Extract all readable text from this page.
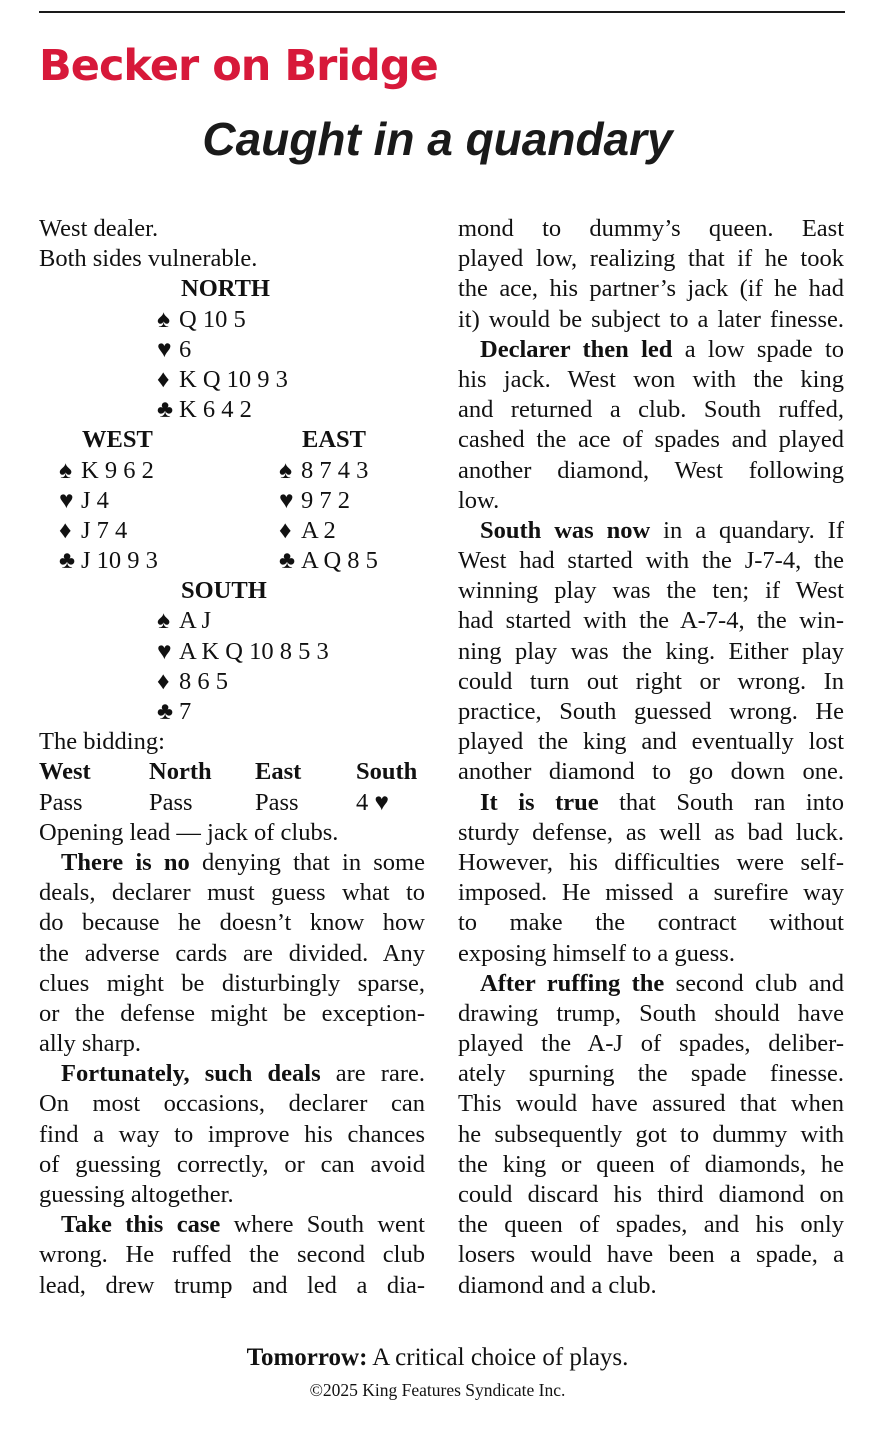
Becker on Bridge
Caught in a quandary
West dealer.
Both sides vulnerable.
NORTH
♠ Q 10 5
♥ 6
♦ K Q 10 9 3
♣ K 6 4 2
WEST	EAST
♠ K 9 6 2	♠ 8 7 4 3
♥ J 4	♥ 9 7 2
♦ J 7 4	♦ A 2
♣ J 10 9 3	♣ A Q 8 5
SOUTH
♠ A J
♥ A K Q 10 8 5 3
♦ 8 6 5
♣ 7
The bidding:
West North East South
Pass	Pass	Pass 4 ♥
Opening lead — jack of clubs.
There is no denying that in some
deals, declarer must guess what to
do because he doesn’t know how
the adverse cards are divided. Any
clues might be disturbingly sparse,
or the defense might be exception-
ally sharp.
Fortunately, such deals are rare.
On most occasions, declarer can
find a way to improve his chances
of guessing correctly, or can avoid
guessing altogether.
Take this case where South went
wrong. He ruffed the second club
lead, drew trump and led a dia-
mond to dummy’s queen. East
played low, realizing that if he took
the ace, his partner’s jack (if he had
it) would be subject to a later finesse.
Declarer then led a low spade to
his jack. West won with the king
and returned a club. South ruffed,
cashed the ace of spades and played
another diamond, West following
low.
South was now in a quandary. If
West had started with the J-7-4, the
winning play was the ten; if West
had started with the A-7-4, the win-
ning play was the king. Either play
could turn out right or wrong. In
practice, South guessed wrong. He
played the king and eventually lost
another diamond to go down one.
It is true that South ran into
sturdy defense, as well as bad luck.
However, his difficulties were self-
imposed. He missed a surefire way
to make the contract without
exposing himself to a guess.
After ruffing the second club and
drawing trump, South should have
played the A-J of spades, deliber-
ately spurning the spade finesse.
This would have assured that when
he subsequently got to dummy with
the king or queen of diamonds, he
could discard his third diamond on
the queen of spades, and his only
losers would have been a spade, a
diamond and a club.
Tomorrow: A critical choice of plays.
©2025 King Features Syndicate Inc.
